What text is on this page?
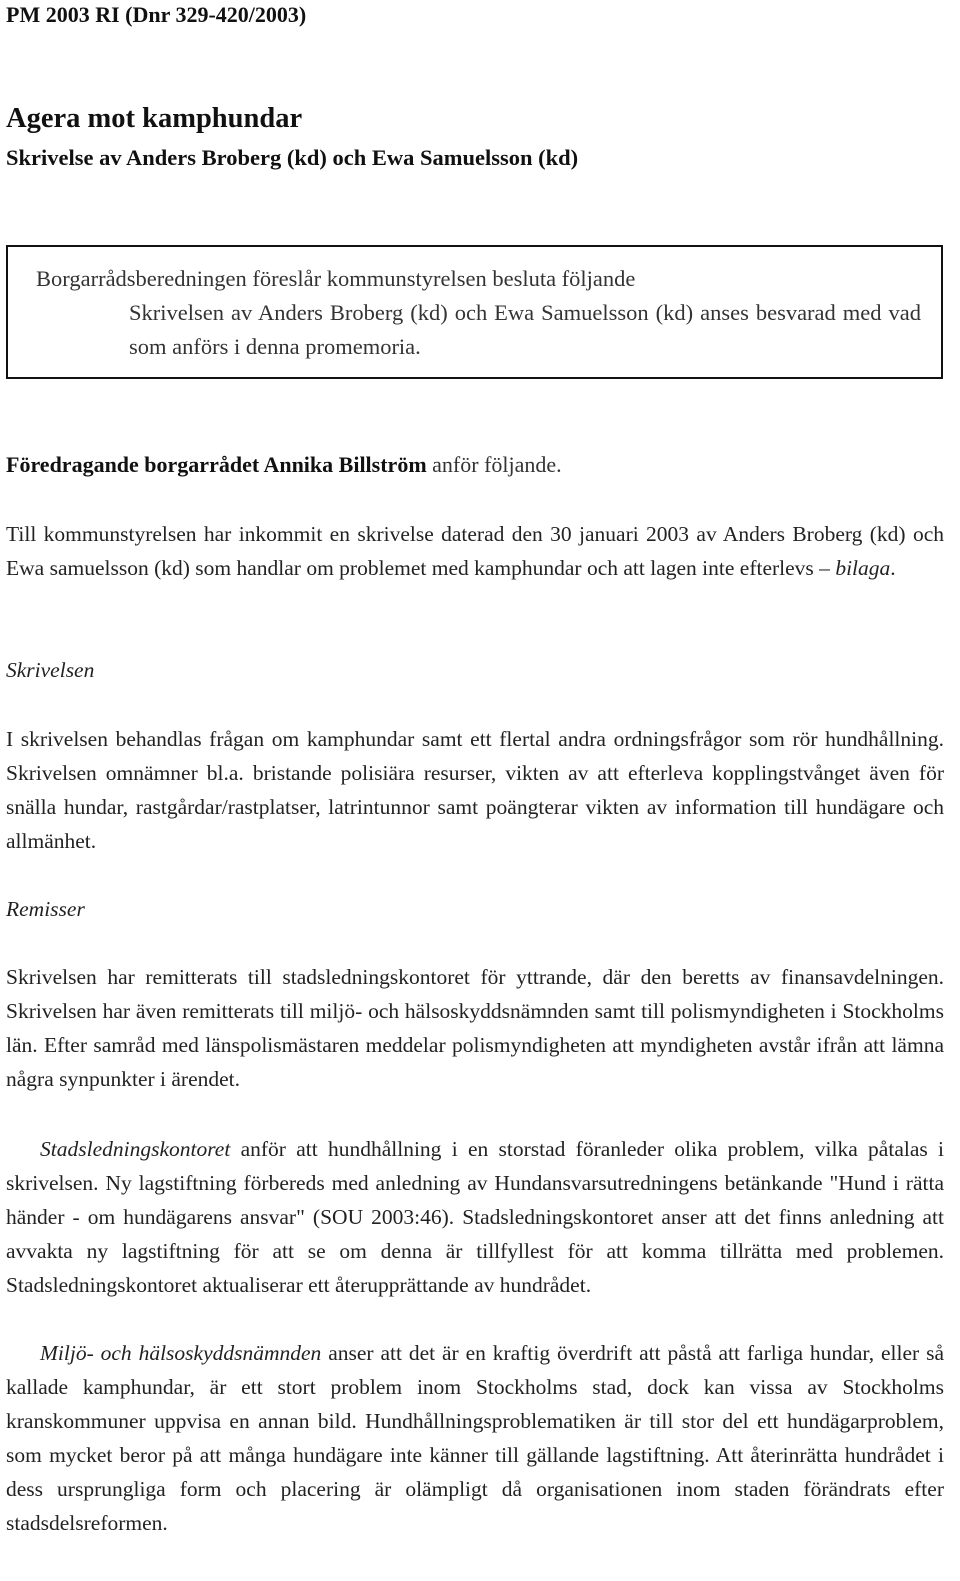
PM 2003 RI (Dnr 329-420/2003)
Agera mot kamphundar
Skrivelse av Anders Broberg (kd) och Ewa Samuelsson (kd)
Borgarrådsberedningen föreslår kommunstyrelsen besluta följande
Skrivelsen av Anders Broberg (kd) och Ewa Samuelsson (kd) anses besvarad med vad som anförs i denna promemoria.
Föredragande borgarrådet Annika Billström anför följande.
Till kommunstyrelsen har inkommit en skrivelse daterad den 30 januari 2003 av Anders Broberg (kd) och Ewa samuelsson (kd) som handlar om problemet med kamphundar och att lagen inte efterlevs – bilaga.
Skrivelsen
I skrivelsen behandlas frågan om kamphundar samt ett flertal andra ordningsfrågor som rör hundhållning. Skrivelsen omnämner bl.a. bristande polisiära resurser, vikten av att efterleva kopplingstvånget även för snälla hundar, rastgårdar/rastplatser, latrintunnor samt poängterar vikten av information till hundägare och allmänhet.
Remisser
Skrivelsen har remitterats till stadsledningskontoret för yttrande, där den beretts av finansavdelningen. Skrivelsen har även remitterats till miljö- och hälsoskyddsnämnden samt till polismyndigheten i Stockholms län. Efter samråd med länspolismästaren meddelar polismyndigheten att myndigheten avstår ifrån att lämna några synpunkter i ärendet.
Stadsledningskontoret anför att hundhållning i en storstad föranleder olika problem, vilka påtalas i skrivelsen. Ny lagstiftning förbereds med anledning av Hundansvarsutredningens betänkande "Hund i rätta händer - om hundägarens ansvar" (SOU 2003:46). Stadsledningskontoret anser att det finns anledning att avvakta ny lagstiftning för att se om denna är tillfyllest för att komma tillrätta med problemen. Stadsledningskontoret aktualiserar ett återupprättande av hundrådet.
Miljö- och hälsoskyddsnämnden anser att det är en kraftig överdrift att påstå att farliga hundar, eller så kallade kamphundar, är ett stort problem inom Stockholms stad, dock kan vissa av Stockholms kranskommuner uppvisa en annan bild. Hundhållningsproblematiken är till stor del ett hundägarproblem, som mycket beror på att många hundägare inte känner till gällande lagstiftning. Att återinrätta hundrådet i dess ursprungliga form och placering är olämpligt då organisationen inom staden förändrats efter stadsdelsreformen.
